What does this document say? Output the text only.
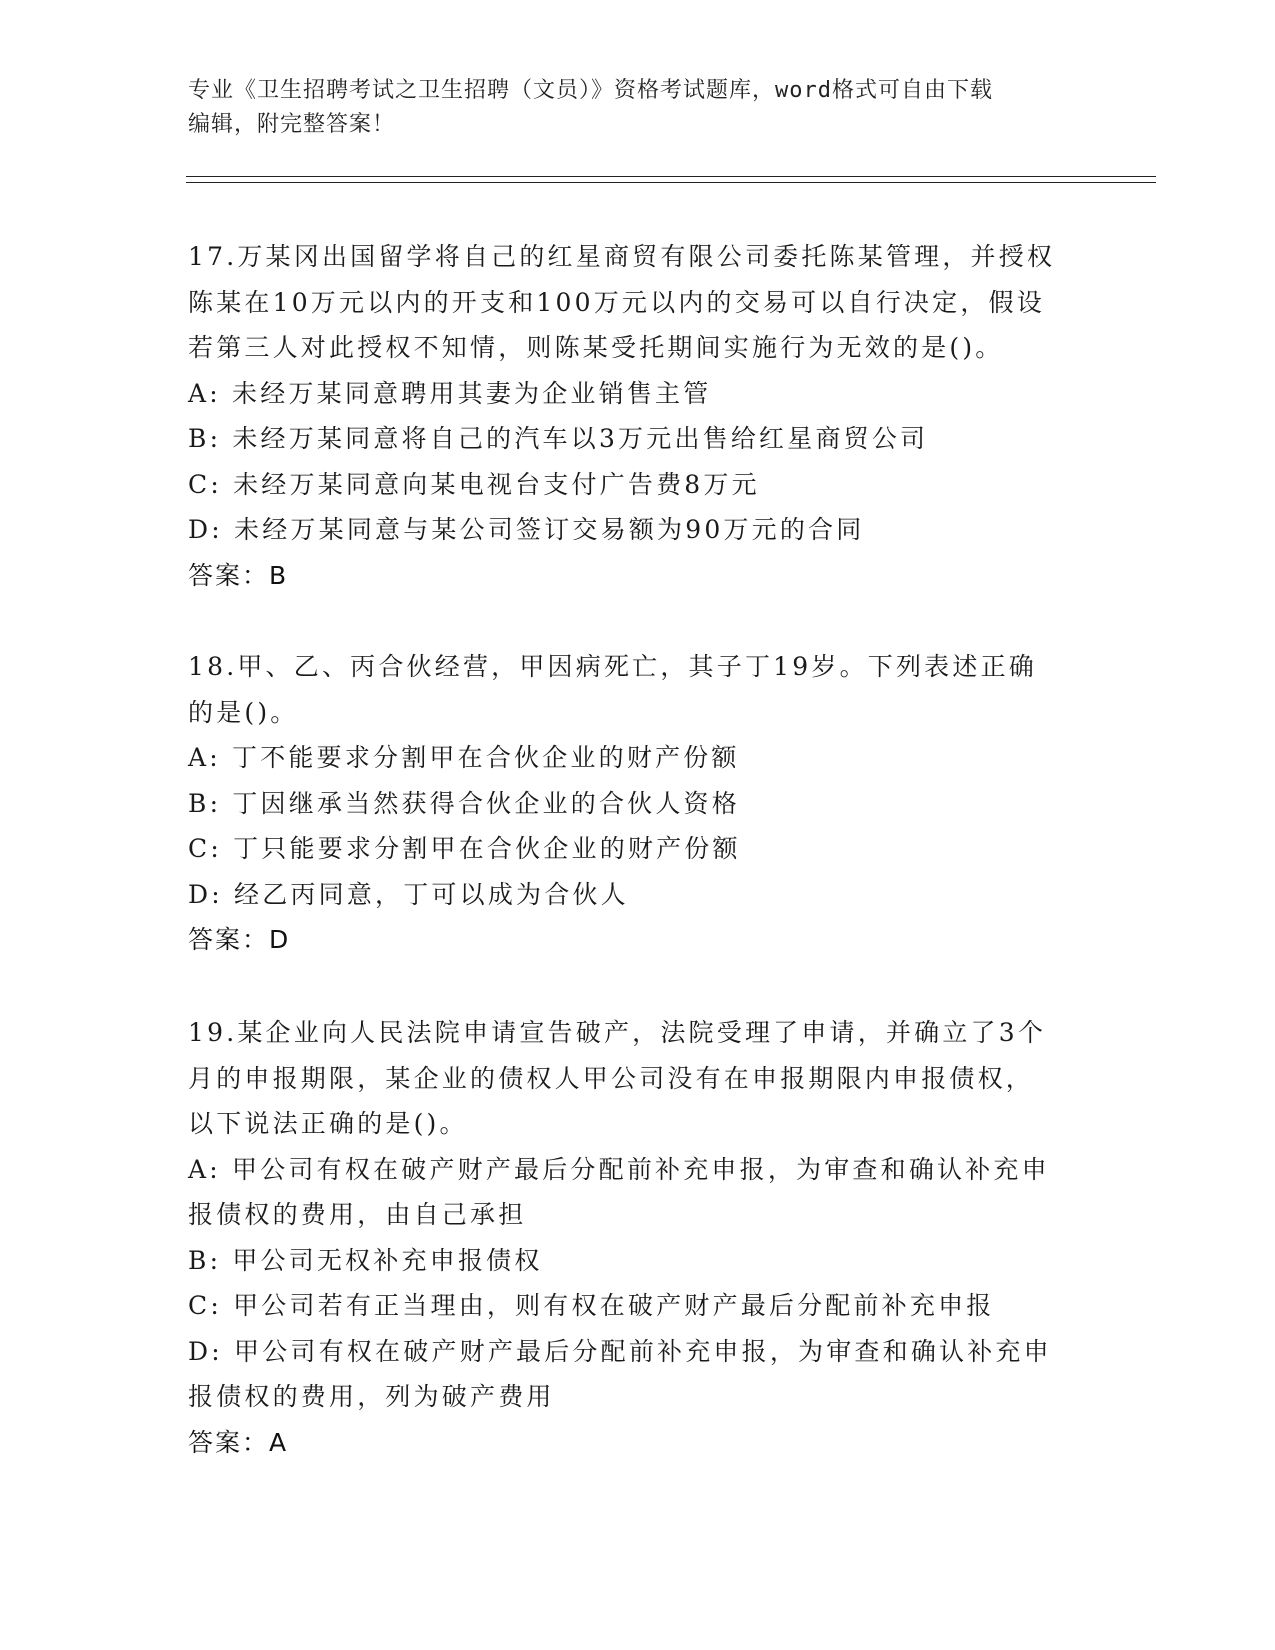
专业《卫生招聘考试之卫生招聘（文员）》资格考试题库，word格式可自由下载
编辑，附完整答案！
17.万某冈出国留学将自己的红星商贸有限公司委托陈某管理，并授权
陈某在10万元以内的开支和100万元以内的交易可以自行决定，假设
若第三人对此授权不知情，则陈某受托期间实施行为无效的是()。
A: 未经万某同意聘用其妻为企业销售主管
B: 未经万某同意将自己的汽车以3万元出售给红星商贸公司
C: 未经万某同意向某电视台支付广告费8万元
D: 未经万某同意与某公司签订交易额为90万元的合同
答案：B
18.甲、乙、丙合伙经营，甲因病死亡，其子丁19岁。下列表述正确
的是()。
A: 丁不能要求分割甲在合伙企业的财产份额
B: 丁因继承当然获得合伙企业的合伙人资格
C: 丁只能要求分割甲在合伙企业的财产份额
D: 经乙丙同意，丁可以成为合伙人
答案：D
19.某企业向人民法院申请宣告破产，法院受理了申请，并确立了3个
月的申报期限，某企业的债权人甲公司没有在申报期限内申报债权，
以下说法正确的是()。
A: 甲公司有权在破产财产最后分配前补充申报，为审查和确认补充申
报债权的费用，由自己承担
B: 甲公司无权补充申报债权
C: 甲公司若有正当理由，则有权在破产财产最后分配前补充申报
D: 甲公司有权在破产财产最后分配前补充申报，为审查和确认补充申
报债权的费用，列为破产费用
答案：A
